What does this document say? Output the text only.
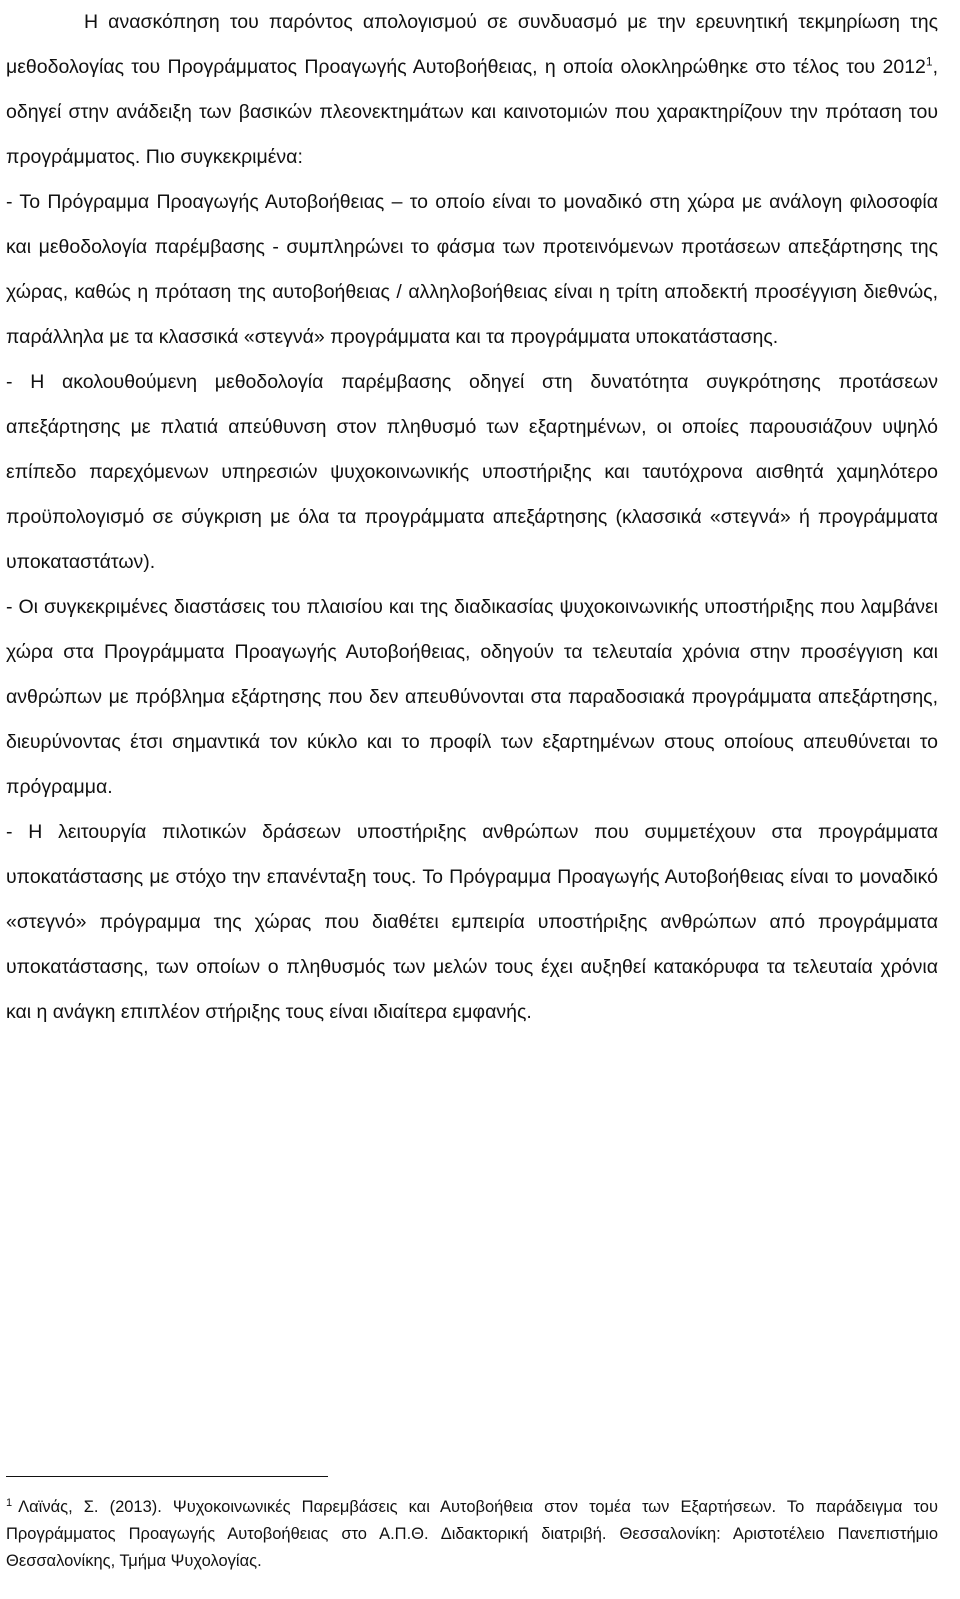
Η ανασκόπηση του παρόντος απολογισμού σε συνδυασμό με την ερευνητική τεκμηρίωση της μεθοδολογίας του Προγράμματος Προαγωγής Αυτοβοήθειας, η οποία ολοκληρώθηκε στο τέλος του 2012$^1$, οδηγεί στην ανάδειξη των βασικών πλεονεκτημάτων και καινοτομιών που χαρακτηρίζουν την πρόταση του προγράμματος. Πιο συγκεκριμένα:

- Το Πρόγραμμα Προαγωγής Αυτοβοήθειας – το οποίο είναι το μοναδικό στη χώρα με ανάλογη φιλοσοφία και μεθοδολογία παρέμβασης - συμπληρώνει το φάσμα των προτεινόμενων προτάσεων απεξάρτησης της χώρας, καθώς η πρόταση της αυτοβοήθειας / αλληλοβοήθειας είναι η τρίτη αποδεκτή προσέγγιση διεθνώς, παράλληλα με τα κλασσικά «στεγνά» προγράμματα και τα προγράμματα υποκατάστασης.

- Η ακολουθούμενη μεθοδολογία παρέμβασης οδηγεί στη δυνατότητα συγκρότησης προτάσεων απεξάρτησης με πλατιά απεύθυνση στον πληθυσμό των εξαρτημένων, οι οποίες παρουσιάζουν υψηλό επίπεδο παρεχόμενων υπηρεσιών ψυχοκοινωνικής υποστήριξης και ταυτόχρονα αισθητά χαμηλότερο προϋπολογισμό σε σύγκριση με όλα τα προγράμματα απεξάρτησης (κλασσικά «στεγνά» ή προγράμματα υποκαταστάτων).

- Οι συγκεκριμένες διαστάσεις του πλαισίου και της διαδικασίας ψυχοκοινωνικής υποστήριξης που λαμβάνει χώρα στα Προγράμματα Προαγωγής Αυτοβοήθειας, οδηγούν τα τελευταία χρόνια στην προσέγγιση και ανθρώπων με πρόβλημα εξάρτησης που δεν απευθύνονται στα παραδοσιακά προγράμματα απεξάρτησης, διευρύνοντας έτσι σημαντικά τον κύκλο και το προφίλ των εξαρτημένων στους οποίους απευθύνεται το πρόγραμμα.

- Η λειτουργία πιλοτικών δράσεων υποστήριξης ανθρώπων που συμμετέχουν στα προγράμματα υποκατάστασης με στόχο την επανένταξη τους. Το Πρόγραμμα Προαγωγής Αυτοβοήθειας είναι το μοναδικό «στεγνό» πρόγραμμα της χώρας που διαθέτει εμπειρία υποστήριξης ανθρώπων από προγράμματα υποκατάστασης, των οποίων ο πληθυσμός των μελών τους έχει αυξηθεί κατακόρυφα τα τελευταία χρόνια και η ανάγκη επιπλέον στήριξης τους είναι ιδιαίτερα εμφανής.

$^1$ Λαϊνάς, Σ. (2013). Ψυχοκοινωνικές Παρεμβάσεις και Αυτοβοήθεια στον τομέα των Εξαρτήσεων. Το παράδειγμα του Προγράμματος Προαγωγής Αυτοβοήθειας στο Α.Π.Θ. Διδακτορική διατριβή. Θεσσαλονίκη: Αριστοτέλειο Πανεπιστήμιο Θεσσαλονίκης, Τμήμα Ψυχολογίας.
